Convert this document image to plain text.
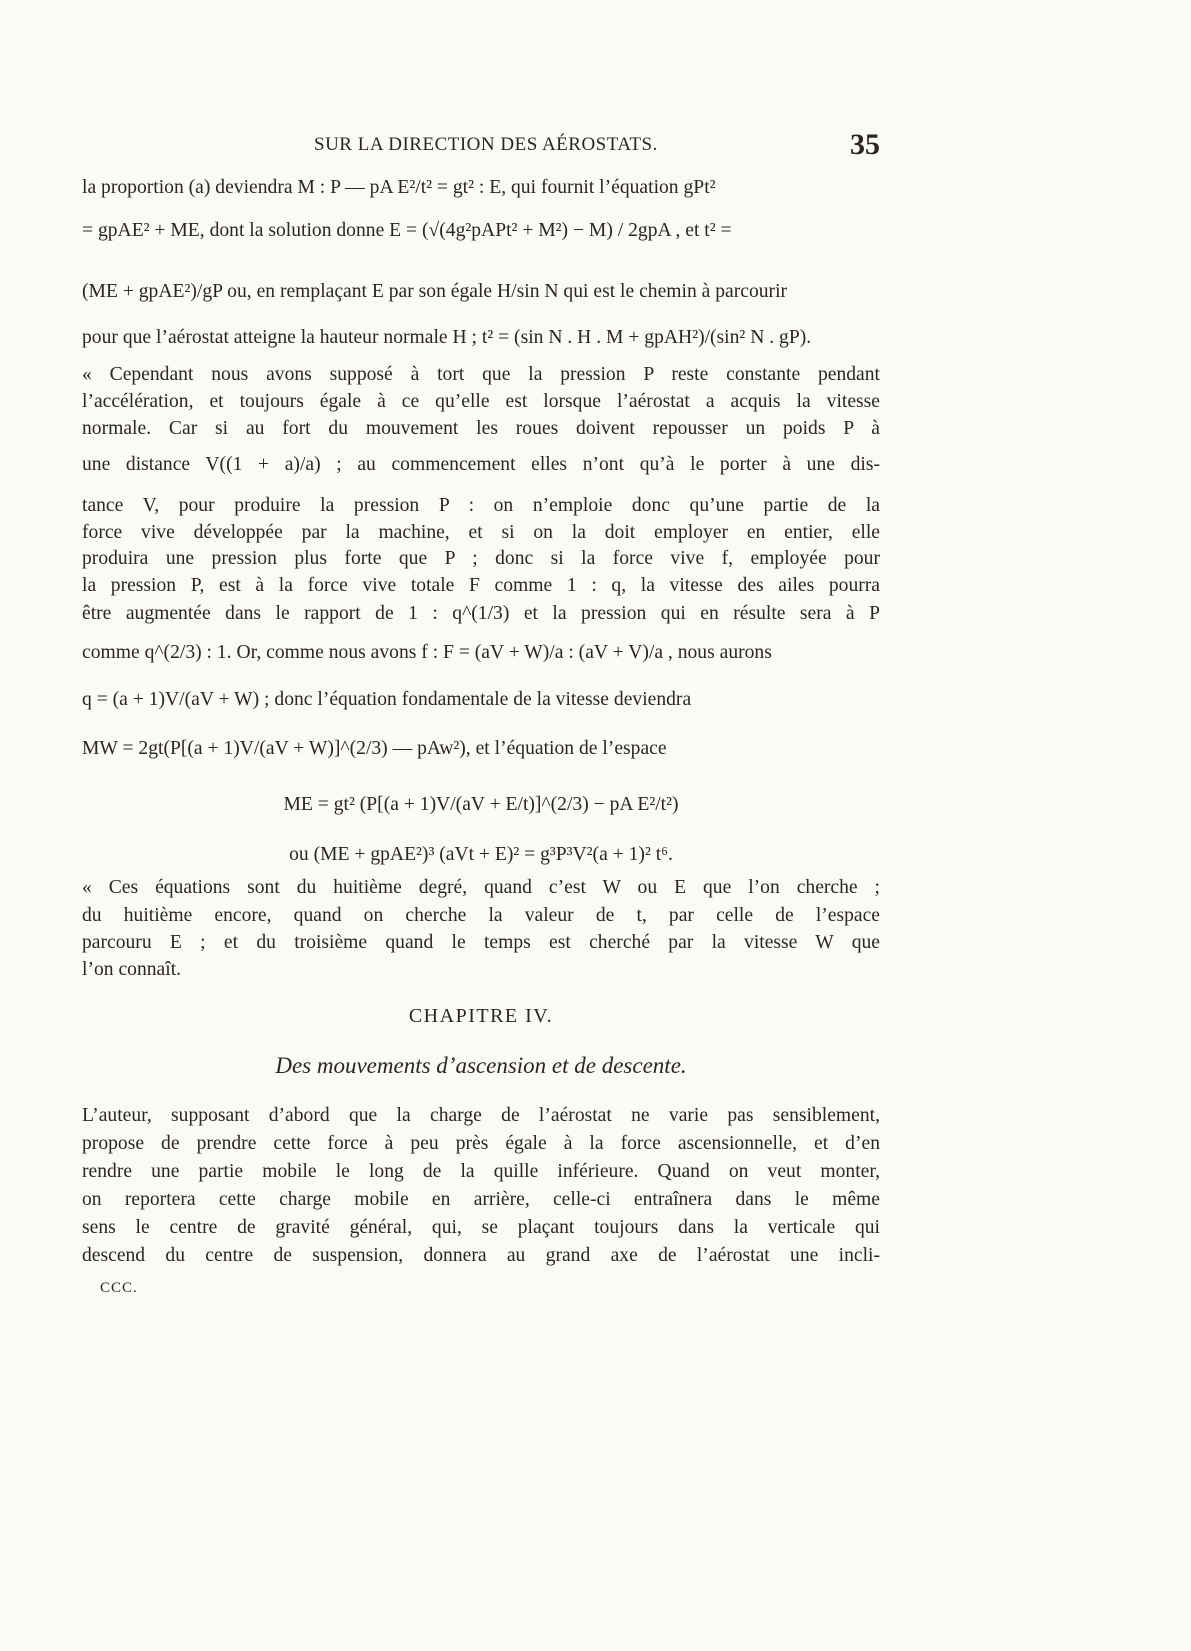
SUR LA DIRECTION DES AÉROSTATS.	35
la proportion (a) deviendra M : P — pA E²/t² = gt² : E, qui fournit l’équation gPt²
= gpAE² + ME, dont la solution donne E = (√(4g²pAPt² + M²) − M) / 2gpA , et t² =
(ME + gpAE²)/gP ou, en remplaçant E par son égale H/sin N qui est le chemin à parcourir
pour que l’aérostat atteigne la hauteur normale H ; t² = (sin N . H . M + gpAH²)/(sin² N . gP).
« Cependant nous avons supposé à tort que la pression P reste constante pendant
l’accélération, et toujours égale à ce qu’elle est lorsque l’aérostat a acquis la vitesse
normale. Car si au fort du mouvement les roues doivent repousser un poids P à
une distance V((1 + a)/a) ; au commencement elles n’ont qu’à le porter à une dis-
tance V, pour produire la pression P : on n’emploie donc qu’une partie de la
force vive développée par la machine, et si on la doit employer en entier, elle
produira une pression plus forte que P ; donc si la force vive f, employée pour
la pression P, est à la force vive totale F comme 1 : q, la vitesse des ailes pourra
être augmentée dans le rapport de 1 : q^(1/3) et la pression qui en résulte sera à P
comme q^(2/3) : 1. Or, comme nous avons f : F = (aV + W)/a : (aV + V)/a , nous aurons
q = (a + 1)V/(aV + W) ; donc l’équation fondamentale de la vitesse deviendra
MW = 2gt(P[(a + 1)V/(aV + W)]^(2/3) — pAw²), et l’équation de l’espace
ME = gt² (P[(a + 1)V/(aV + E/t)]^(2/3) − pA E²/t²)
ou (ME + gpAE²)³ (aVt + E)² = g³P³V²(a + 1)² t⁶.
« Ces équations sont du huitième degré, quand c’est W ou E que l’on cherche ;
du huitième encore, quand on cherche la valeur de t, par celle de l’espace
parcouru E ; et du troisième quand le temps est cherché par la vitesse W que
l’on connaît.
CHAPITRE IV.
Des mouvements d’ascension et de descente.
L’auteur, supposant d’abord que la charge de l’aérostat ne varie pas sensiblement,
propose de prendre cette force à peu près égale à la force ascensionnelle, et d’en
rendre une partie mobile le long de la quille inférieure. Quand on veut monter,
on reportera cette charge mobile en arrière, celle-ci entraînera dans le même
sens le centre de gravité général, qui, se plaçant toujours dans la verticale qui
descend du centre de suspension, donnera au grand axe de l’aérostat une incli-
CCC.
